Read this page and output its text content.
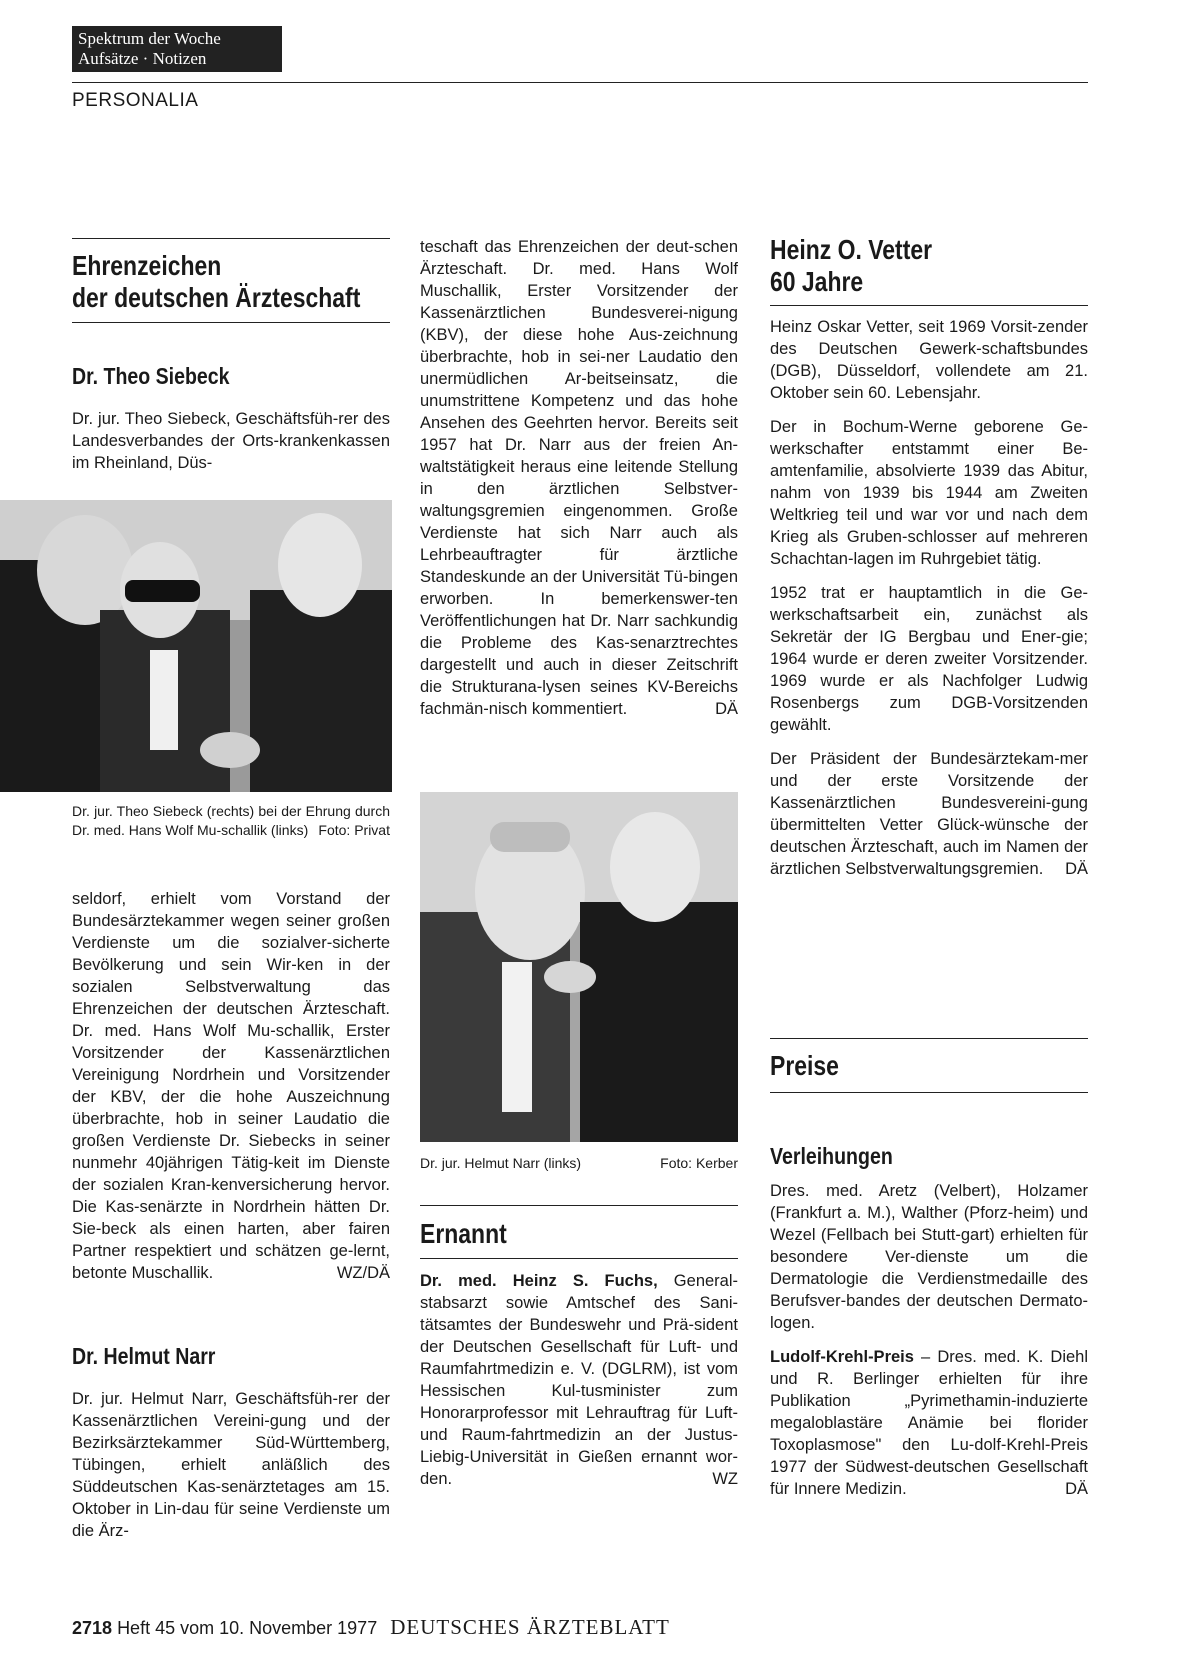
Spektrum der Woche
Aufsätze · Notizen
PERSONALIA
Ehrenzeichen
der deutschen Ärzteschaft
Dr. Theo Siebeck
Dr. jur. Theo Siebeck, Geschäftsfüh-rer des Landesverbandes der Orts-krankenkassen im Rheinland, Düs-
Dr. jur. Theo Siebeck (rechts) bei der Ehrung durch Dr. med. Hans Wolf Mu-schallik (links) Foto: Privat
seldorf, erhielt vom Vorstand der Bundesärztekammer wegen seiner großen Verdienste um die sozialver-sicherte Bevölkerung und sein Wir-ken in der sozialen Selbstverwaltung das Ehrenzeichen der deutschen Ärzteschaft. Dr. med. Hans Wolf Mu-schallik, Erster Vorsitzender der Kassenärztlichen Vereinigung Nordrhein und Vorsitzender der KBV, der die hohe Auszeichnung überbrachte, hob in seiner Laudatio die großen Verdienste Dr. Siebecks in seiner nunmehr 40jährigen Tätig-keit im Dienste der sozialen Kran-kenversicherung hervor. Die Kas-senärzte in Nordrhein hätten Dr. Sie-beck als einen harten, aber fairen Partner respektiert und schätzen ge-lernt, betonte Muschallik.	WZ/DÄ
Dr. Helmut Narr
Dr. jur. Helmut Narr, Geschäftsfüh-rer der Kassenärztlichen Vereini-gung und der Bezirksärztekammer Süd-Württemberg, Tübingen, erhielt anläßlich des Süddeutschen Kas-senärztetages am 15. Oktober in Lin-dau für seine Verdienste um die Ärz-
teschaft das Ehrenzeichen der deut-schen Ärzteschaft. Dr. med. Hans Wolf Muschallik, Erster Vorsitzender der Kassenärztlichen Bundesverei-nigung (KBV), der diese hohe Aus-zeichnung überbrachte, hob in sei-ner Laudatio den unermüdlichen Ar-beitseinsatz, die unumstrittene Kompetenz und das hohe Ansehen des Geehrten hervor. Bereits seit 1957 hat Dr. Narr aus der freien An-waltstätigkeit heraus eine leitende Stellung in den ärztlichen Selbstver-waltungsgremien eingenommen. Große Verdienste hat sich Narr auch als Lehrbeauftragter für ärztliche Standeskunde an der Universität Tü-bingen erworben. In bemerkenswer-ten Veröffentlichungen hat Dr. Narr sachkundig die Probleme des Kas-senarztrechtes dargestellt und auch in dieser Zeitschrift die Strukturana-lysen seines KV-Bereichs fachmän-nisch kommentiert.	DÄ
Dr. jur. Helmut Narr (links)	Foto: Kerber
Ernannt
Dr. med. Heinz S. Fuchs, General-stabsarzt sowie Amtschef des Sani-tätsamtes der Bundeswehr und Prä-sident der Deutschen Gesellschaft für Luft- und Raumfahrtmedizin e. V. (DGLRM), ist vom Hessischen Kul-tusminister zum Honorarprofessor mit Lehrauftrag für Luft- und Raum-fahrtmedizin an der Justus-Liebig-Universität in Gießen ernannt wor-den.	WZ
Heinz O. Vetter
60 Jahre

Heinz Oskar Vetter, seit 1969 Vorsit-zender des Deutschen Gewerk-schaftsbundes (DGB), Düsseldorf, vollendete am 21. Oktober sein 60. Lebensjahr.

Der in Bochum-Werne geborene Ge-werkschafter entstammt einer Be-amtenfamilie, absolvierte 1939 das Abitur, nahm von 1939 bis 1944 am Zweiten Weltkrieg teil und war vor und nach dem Krieg als Gruben-schlosser auf mehreren Schachtan-lagen im Ruhrgebiet tätig.

1952 trat er hauptamtlich in die Ge-werkschaftsarbeit ein, zunächst als Sekretär der IG Bergbau und Ener-gie; 1964 wurde er deren zweiter Vorsitzender. 1969 wurde er als Nachfolger Ludwig Rosenbergs zum DGB-Vorsitzenden gewählt.

Der Präsident der Bundesärztekam-mer und der erste Vorsitzende der Kassenärztlichen Bundesvereini-gung übermittelten Vetter Glück-wünsche der deutschen Ärzteschaft, auch im Namen der ärztlichen Selbstverwaltungsgremien. DÄ

Preise
Verleihungen

Dres. med. Aretz (Velbert), Holzamer (Frankfurt a. M.), Walther (Pforz-heim) und Wezel (Fellbach bei Stutt-gart) erhielten für besondere Ver-dienste um die Dermatologie die Verdienstmedaille des Berufsver-bandes der deutschen Dermato-logen.

Ludolf-Krehl-Preis – Dres. med. K. Diehl und R. Berlinger erhielten für ihre Publikation „Pyrimethamin-induzierte megaloblastäre Anämie bei florider Toxoplasmose" den Lu-dolf-Krehl-Preis 1977 der Südwest-deutschen Gesellschaft für Innere Medizin.	DÄ

2718 Heft 45 vom 10. November 1977 DEUTSCHES ÄRZTEBLATT
